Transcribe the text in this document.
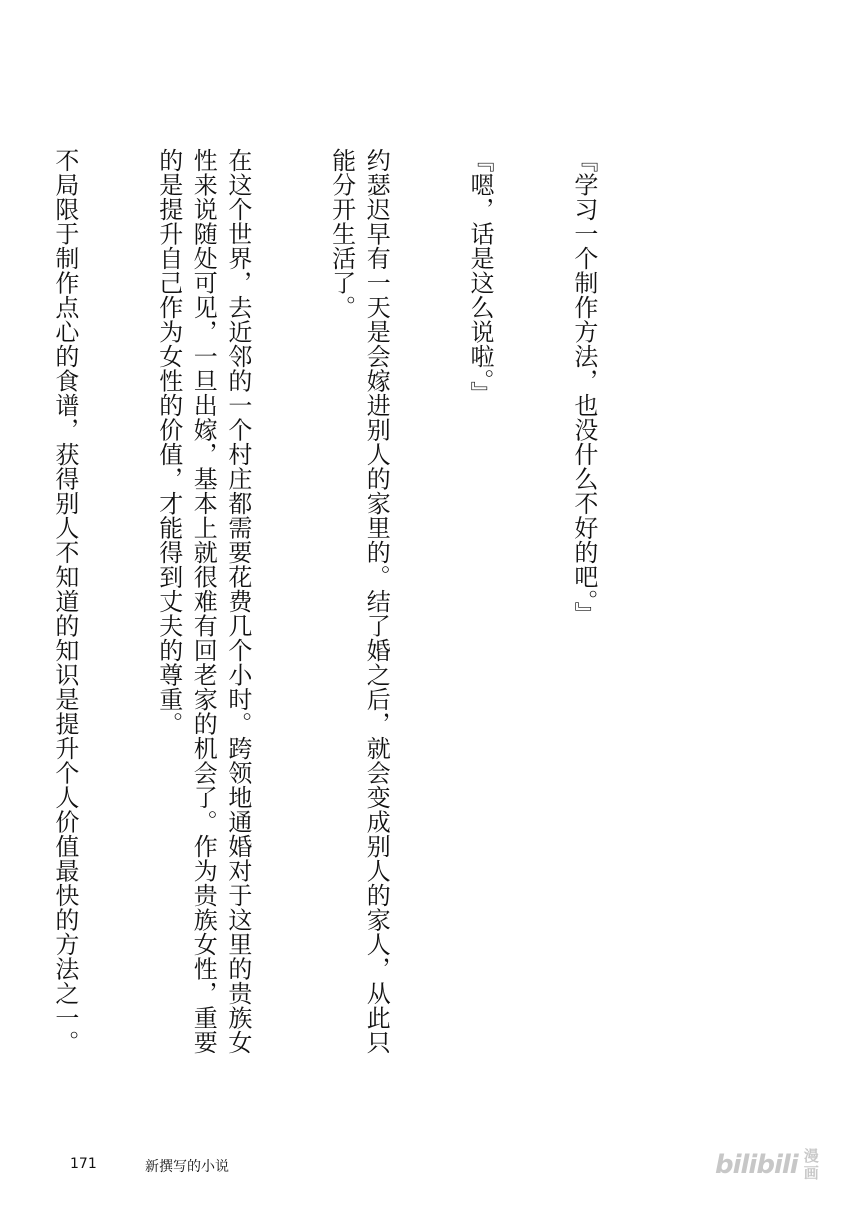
『学习一个制作方法，也没什么不好的吧。』

『嗯，话是这么说啦。』

约瑟迟早有一天是会嫁进别人的家里的。结了婚之后，就会变成别人的家人，从此只能分开生活了。

在这个世界，去近邻的一个村庄都需要花费几个小时。跨领地通婚对于这里的贵族女性来说随处可见，一旦出嫁，基本上就很难有回老家的机会了。作为贵族女性，重要的是提升自己作为女性的价值，才能得到丈夫的尊重。

不局限于制作点心的食谱，获得别人不知道的知识是提升个人价值最快的方法之一。

171	新撰写的小说	bilibili 漫
画
